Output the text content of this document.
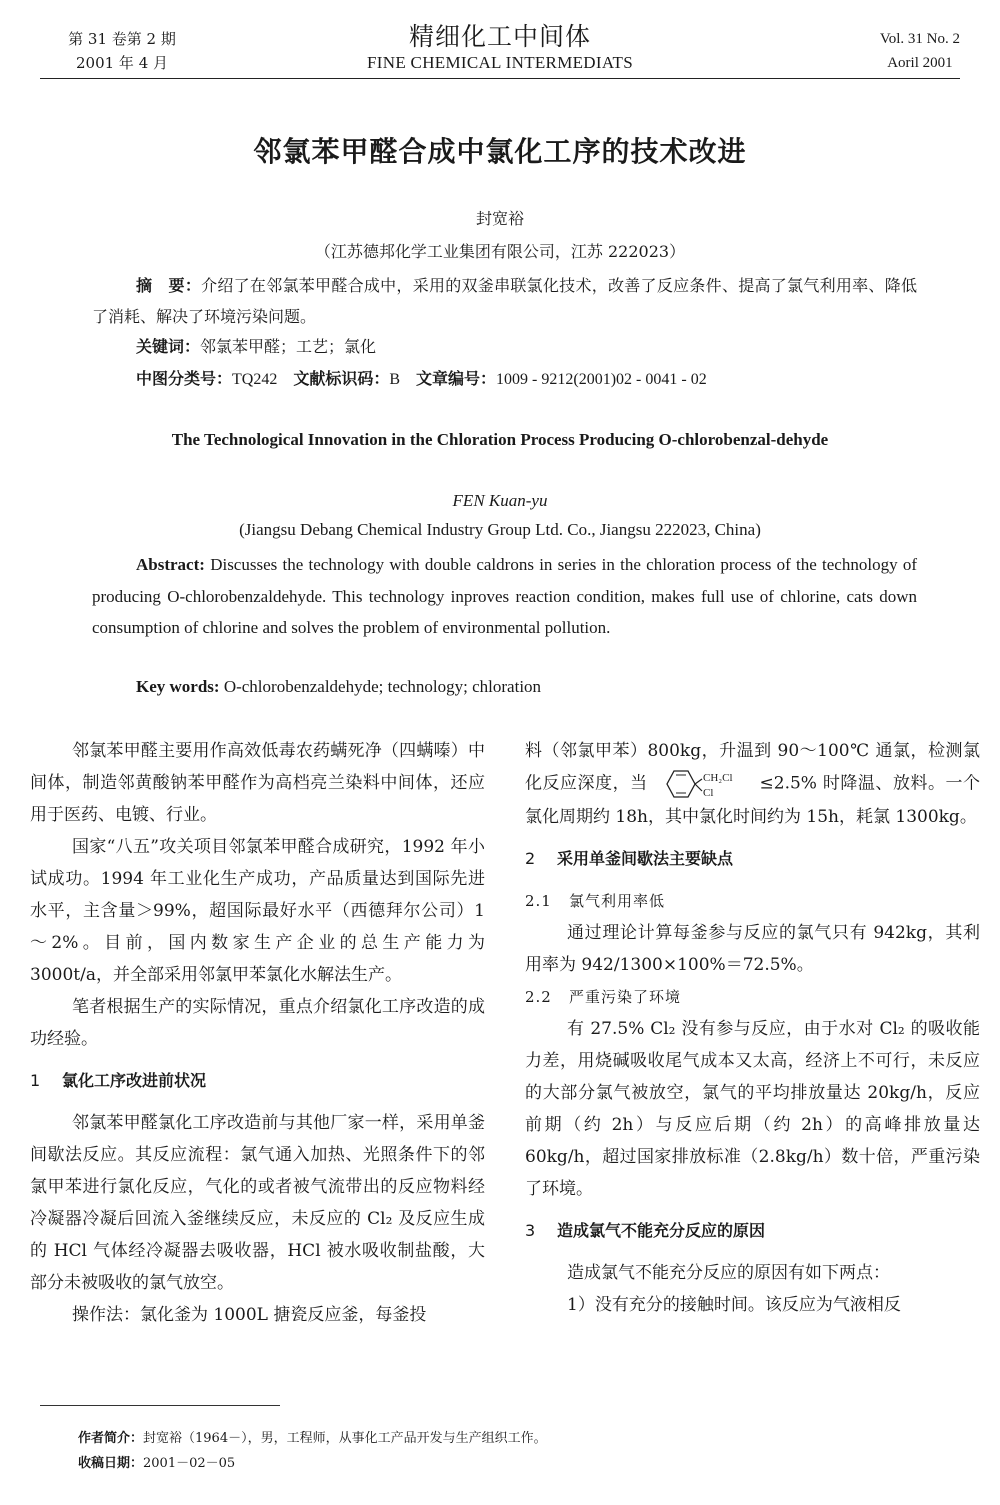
第 31 卷第 2 期
2001 年 4 月
精细化工中间体
FINE CHEMICAL INTERMEDIATS
Vol. 31 No. 2
Aoril 2001
邻氯苯甲醛合成中氯化工序的技术改进
封宽裕
（江苏德邦化学工业集团有限公司，江苏 222023）
摘　要：介绍了在邻氯苯甲醛合成中，采用的双釜串联氯化技术，改善了反应条件、提高了氯气利用率、降低了消耗、解决了环境污染问题。
关键词：邻氯苯甲醛；工艺；氯化
中图分类号：TQ242 文献标识码：B 文章编号：1009 - 9212(2001)02 - 0041 - 02
The Technological Innovation in the Chloration Process Producing O-chlorobenzal-dehyde
FEN Kuan-yu
(Jiangsu Debang Chemical Industry Group Ltd. Co., Jiangsu 222023, China)
Abstract: Discusses the technology with double caldrons in series in the chloration process of the technology of producing O-chlorobenzaldehyde. This technology inproves reaction condition, makes full use of chlorine, cats down consumption of chlorine and solves the problem of environmental pollution.
Key words: O-chlorobenzaldehyde; technology; chloration

邻氯苯甲醛主要用作高效低毒农药螨死净（四螨嗪）中间体，制造邻黄酸钠苯甲醛作为高档亮兰染料中间体，还应用于医药、电镀、行业。

国家“八五”攻关项目邻氯苯甲醛合成研究，1992 年小试成功。1994 年工业化生产成功，产品质量达到国际先进水平，主含量＞99%，超国际最好水平（西德拜尔公司）1～2%。目前，国内数家生产企业的总生产能力为 3000t/a，并全部采用邻氯甲苯氯化水解法生产。

笔者根据生产的实际情况，重点介绍氯化工序改造的成功经验。

1 氯化工序改进前状况

邻氯苯甲醛氯化工序改造前与其他厂家一样，采用单釜间歇法反应。其反应流程：氯气通入加热、光照条件下的邻氯甲苯进行氯化反应，气化的或者被气流带出的反应物料经冷凝器冷凝后回流入釜继续反应，未反应的 Cl₂ 及反应生成的 HCl 气体经冷凝器去吸收器，HCl 被水吸收制盐酸，大部分未被吸收的氯气放空。

操作法：氯化釜为 1000L 搪瓷反应釜，每釜投

料（邻氯甲苯）800kg，升温到 90～100℃ 通氯，检测氯化反应深度，当	CH₂Cl
Cl	≤2.5% 时降温、放料。一个氯化周期约 18h，其中氯化时间约为 15h，耗氯 1300kg。

2 采用单釜间歇法主要缺点
2.1 氯气利用率低

通过理论计算每釜参与反应的氯气只有 942kg，其利用率为 942/1300×100%＝72.5%。

2.2 严重污染了环境

有 27.5% Cl₂ 没有参与反应，由于水对 Cl₂ 的吸收能力差，用烧碱吸收尾气成本又太高，经济上不可行，未反应的大部分氯气被放空，氯气的平均排放量达 20kg/h，反应前期（约 2h）与反应后期（约 2h）的高峰排放量达 60kg/h，超过国家排放标准（2.8kg/h）数十倍，严重污染了环境。

3 造成氯气不能充分反应的原因

造成氯气不能充分反应的原因有如下两点：

1）没有充分的接触时间。该反应为气液相反

作者简介：封宽裕（1964－），男，工程师，从事化工产品开发与生产组织工作。
收稿日期：2001－02－05
